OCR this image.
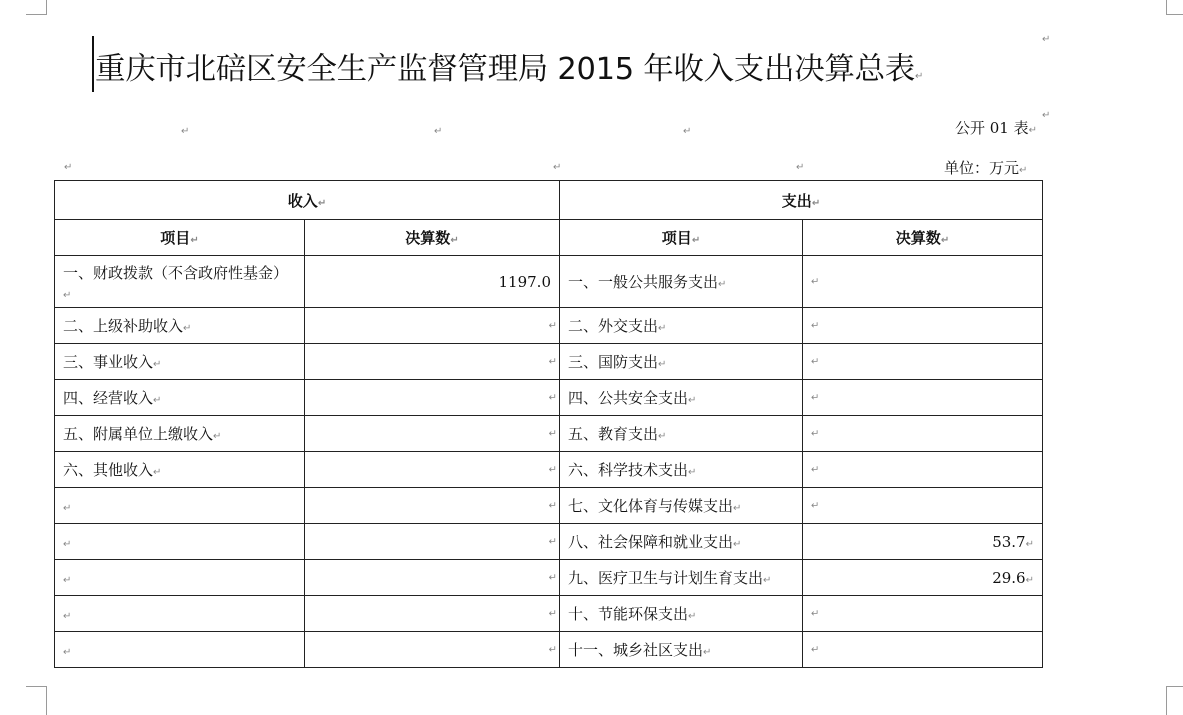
重庆市北碚区安全生产监督管理局 2015 年收入支出决算总表↵
↵
↵	↵	↵	公开 01 表↵
↵
↵	↵	↵	单位：万元↵
收入↵		支出↵	
项目↵	决算数↵	项目↵	决算数↵
一、财政拨款（不含政府性基金）↵	1197.0	一、一般公共服务支出↵	↵

二、上级补助收入↵	↵	二、外交支出↵	↵

三、事业收入↵	↵	三、国防支出↵	↵

四、经营收入↵	↵	四、公共安全支出↵	↵

五、附属单位上缴收入↵	↵	五、教育支出↵	↵

六、其他收入↵	↵	六、科学技术支出↵	↵

↵	↵	七、文化体育与传媒支出↵	↵

↵	↵	八、社会保障和就业支出↵	53.7↵
↵	↵	九、医疗卫生与计划生育支出↵	29.6↵
↵	↵	十、节能环保支出↵	↵

↵	↵	十一、城乡社区支出↵	↵
